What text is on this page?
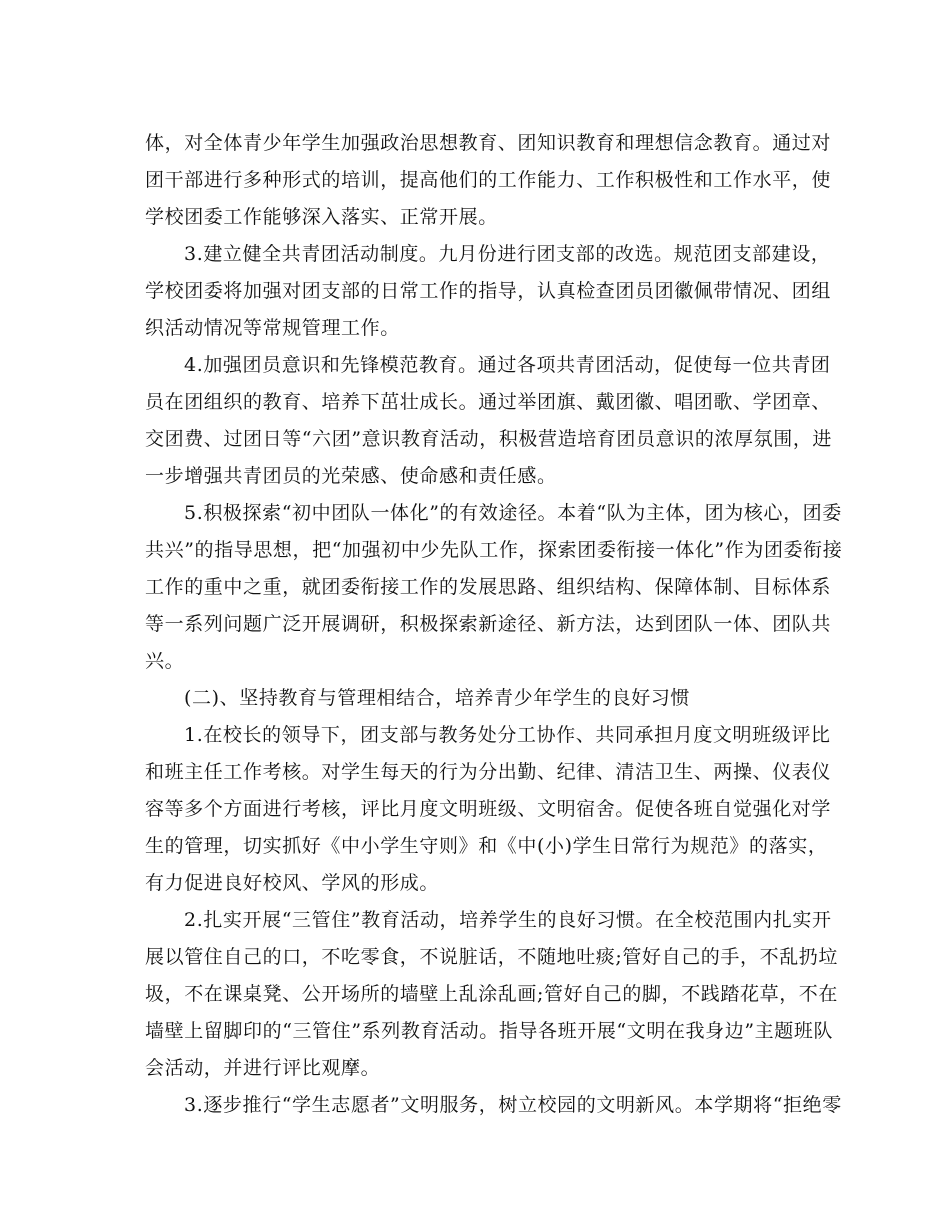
体，对全体青少年学生加强政治思想教育、团知识教育和理想信念教育。通过对
团干部进行多种形式的培训，提高他们的工作能力、工作积极性和工作水平，使
学校团委工作能够深入落实、正常开展。
3.建立健全共青团活动制度。九月份进行团支部的改选。规范团支部建设，
学校团委将加强对团支部的日常工作的指导，认真检查团员团徽佩带情况、团组
织活动情况等常规管理工作。
4.加强团员意识和先锋模范教育。通过各项共青团活动，促使每一位共青团
员在团组织的教育、培养下茁壮成长。通过举团旗、戴团徽、唱团歌、学团章、
交团费、过团日等“六团”意识教育活动，积极营造培育团员意识的浓厚氛围，进
一步增强共青团员的光荣感、使命感和责任感。
5.积极探索“初中团队一体化”的有效途径。本着“队为主体，团为核心，团委
共兴”的指导思想，把“加强初中少先队工作，探索团委衔接一体化”作为团委衔接
工作的重中之重，就团委衔接工作的发展思路、组织结构、保障体制、目标体系
等一系列问题广泛开展调研，积极探索新途径、新方法，达到团队一体、团队共
兴。
(二)、坚持教育与管理相结合，培养青少年学生的良好习惯
1.在校长的领导下，团支部与教务处分工协作、共同承担月度文明班级评比
和班主任工作考核。对学生每天的行为分出勤、纪律、清洁卫生、两操、仪表仪
容等多个方面进行考核，评比月度文明班级、文明宿舍。促使各班自觉强化对学
生的管理，切实抓好《中小学生守则》和《中(小)学生日常行为规范》的落实，
有力促进良好校风、学风的形成。
2.扎实开展“三管住”教育活动，培养学生的良好习惯。在全校范围内扎实开
展以管住自己的口，不吃零食，不说脏话，不随地吐痰;管好自己的手，不乱扔垃
圾，不在课桌凳、公开场所的墙壁上乱涂乱画;管好自己的脚，不践踏花草，不在
墙壁上留脚印的“三管住”系列教育活动。指导各班开展“文明在我身边”主题班队
会活动，并进行评比观摩。
3.逐步推行“学生志愿者”文明服务，树立校园的文明新风。本学期将“拒绝零
